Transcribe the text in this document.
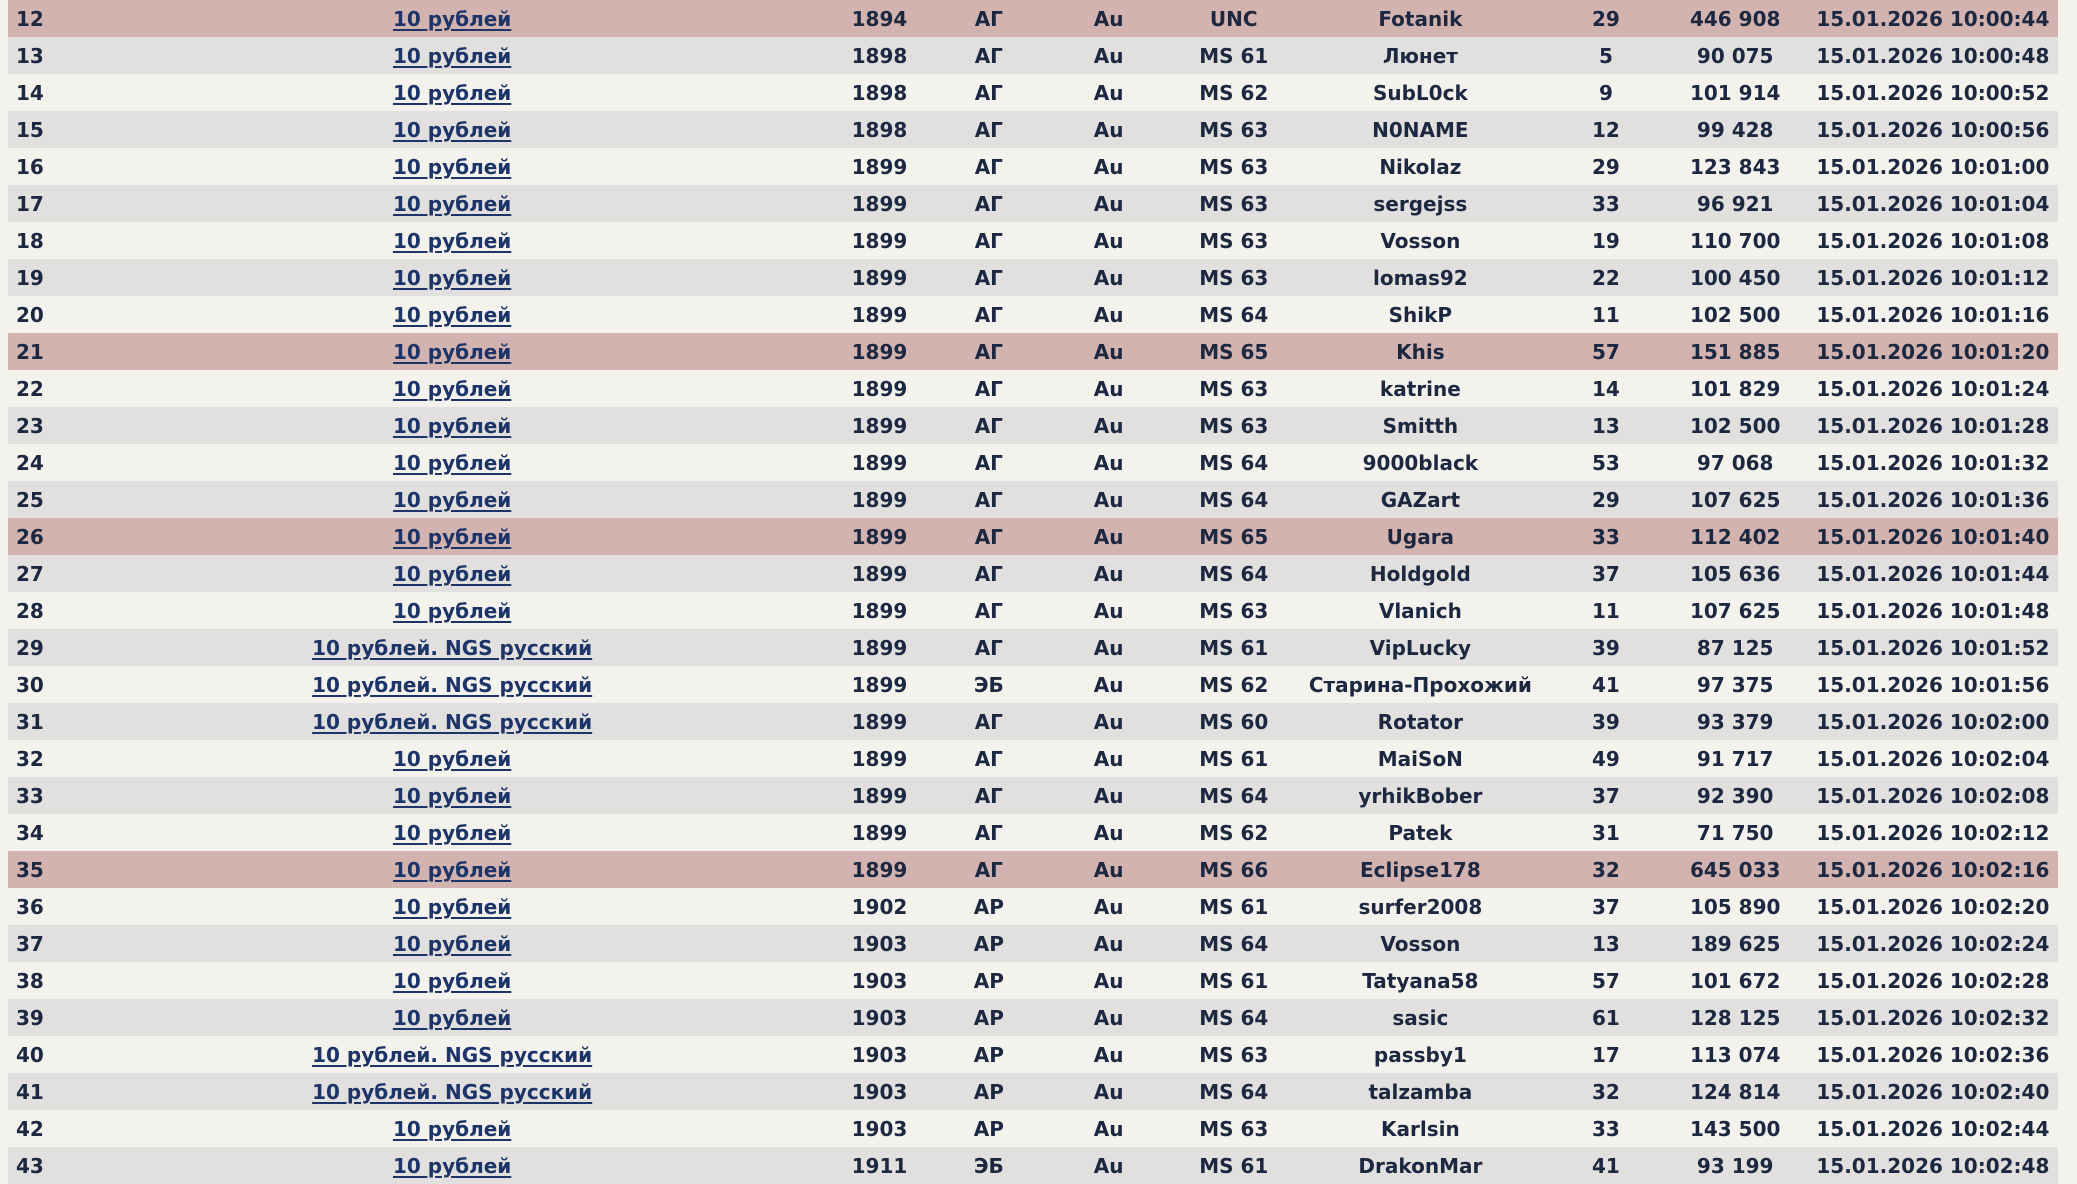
12	10 рублей	1894	АГ	Au	UNC	Fotanik	29	446 908	15.01.2026 10:00:44
13	10 рублей	1898	АГ	Au	MS 61	Люнет	5	90 075	15.01.2026 10:00:48
14	10 рублей	1898	АГ	Au	MS 62	SubL0ck	9	101 914	15.01.2026 10:00:52
15	10 рублей	1898	АГ	Au	MS 63	N0NAME	12	99 428	15.01.2026 10:00:56
16	10 рублей	1899	АГ	Au	MS 63	Nikolaz	29	123 843	15.01.2026 10:01:00
17	10 рублей	1899	АГ	Au	MS 63	sergejss	33	96 921	15.01.2026 10:01:04
18	10 рублей	1899	АГ	Au	MS 63	Vosson	19	110 700	15.01.2026 10:01:08
19	10 рублей	1899	АГ	Au	MS 63	lomas92	22	100 450	15.01.2026 10:01:12
20	10 рублей	1899	АГ	Au	MS 64	ShikP	11	102 500	15.01.2026 10:01:16
21	10 рублей	1899	АГ	Au	MS 65	Khis	57	151 885	15.01.2026 10:01:20
22	10 рублей	1899	АГ	Au	MS 63	katrine	14	101 829	15.01.2026 10:01:24
23	10 рублей	1899	АГ	Au	MS 63	Smitth	13	102 500	15.01.2026 10:01:28
24	10 рублей	1899	АГ	Au	MS 64	9000black	53	97 068	15.01.2026 10:01:32
25	10 рублей	1899	АГ	Au	MS 64	GAZart	29	107 625	15.01.2026 10:01:36
26	10 рублей	1899	АГ	Au	MS 65	Ugara	33	112 402	15.01.2026 10:01:40
27	10 рублей	1899	АГ	Au	MS 64	Holdgold	37	105 636	15.01.2026 10:01:44
28	10 рублей	1899	АГ	Au	MS 63	Vlanich	11	107 625	15.01.2026 10:01:48
29	10 рублей. NGS русский	1899	АГ	Au	MS 61	VipLucky	39	87 125	15.01.2026 10:01:52
30	10 рублей. NGS русский	1899	ЭБ	Au	MS 62	Старина-Прохожий	41	97 375	15.01.2026 10:01:56
31	10 рублей. NGS русский	1899	АГ	Au	MS 60	Rotator	39	93 379	15.01.2026 10:02:00
32	10 рублей	1899	АГ	Au	MS 61	MaiSoN	49	91 717	15.01.2026 10:02:04
33	10 рублей	1899	АГ	Au	MS 64	yrhikBober	37	92 390	15.01.2026 10:02:08
34	10 рублей	1899	АГ	Au	MS 62	Patek	31	71 750	15.01.2026 10:02:12
35	10 рублей	1899	АГ	Au	MS 66	Eclipse178	32	645 033	15.01.2026 10:02:16
36	10 рублей	1902	АР	Au	MS 61	surfer2008	37	105 890	15.01.2026 10:02:20
37	10 рублей	1903	АР	Au	MS 64	Vosson	13	189 625	15.01.2026 10:02:24
38	10 рублей	1903	АР	Au	MS 61	Tatyana58	57	101 672	15.01.2026 10:02:28
39	10 рублей	1903	АР	Au	MS 64	sasic	61	128 125	15.01.2026 10:02:32
40	10 рублей. NGS русский	1903	АР	Au	MS 63	passby1	17	113 074	15.01.2026 10:02:36
41	10 рублей. NGS русский	1903	АР	Au	MS 64	talzamba	32	124 814	15.01.2026 10:02:40
42	10 рублей	1903	АР	Au	MS 63	Karlsin	33	143 500	15.01.2026 10:02:44
43	10 рублей	1911	ЭБ	Au	MS 61	DrakonMar	41	93 199	15.01.2026 10:02:48
